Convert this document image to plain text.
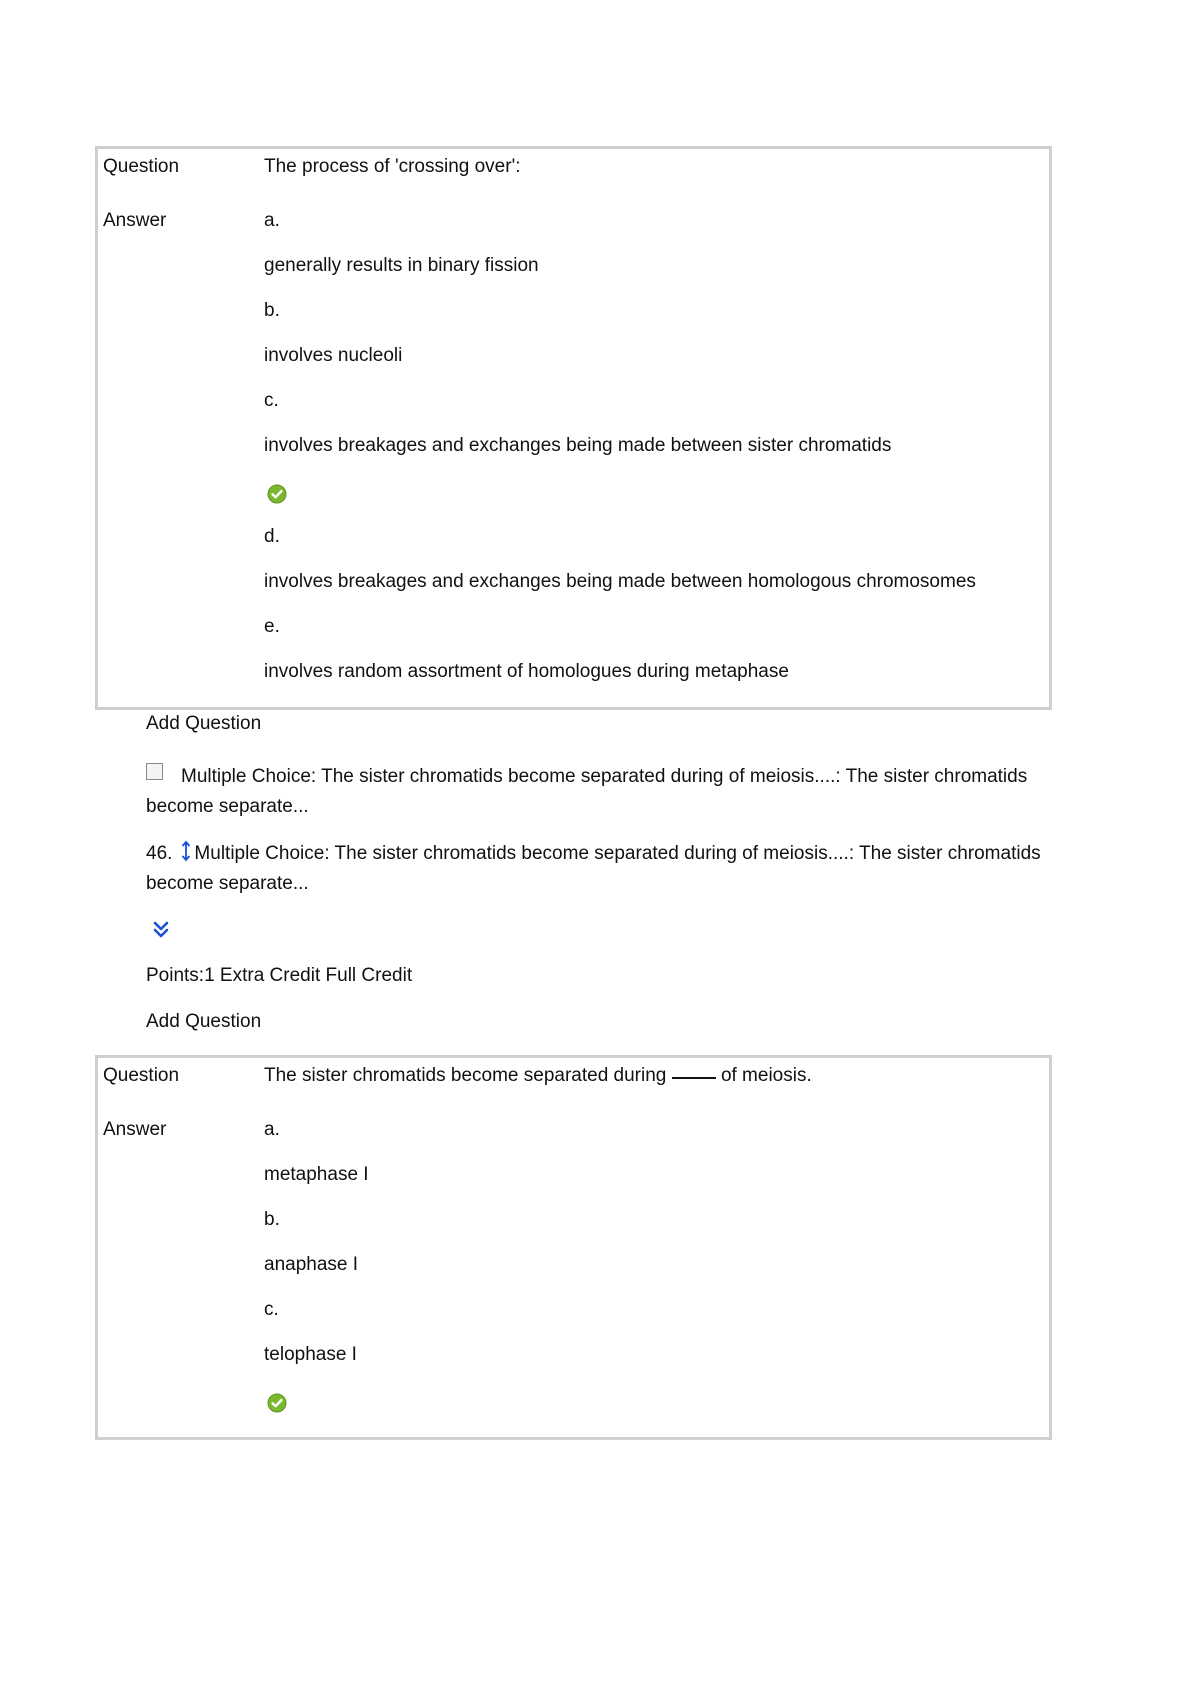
Question	The process of 'crossing over':
Answer	a.
generally results in binary fission
b.
involves nucleoli
c.
involves breakages and exchanges being made between sister chromatids
d.
involves breakages and exchanges being made between homologous chromosomes
e.
involves random assortment of homologues during metaphase
Add Question
Multiple Choice: The sister chromatids become separated during of meiosis....: The sister chromatids become separate...
46. Multiple Choice: The sister chromatids become separated during of meiosis....: The sister chromatids become separate...
Points:1 Extra Credit Full Credit
Add Question
Question	The sister chromatids become separated during	of meiosis.
Answer	a.
metaphase I
b.
anaphase I
c.
telophase I
